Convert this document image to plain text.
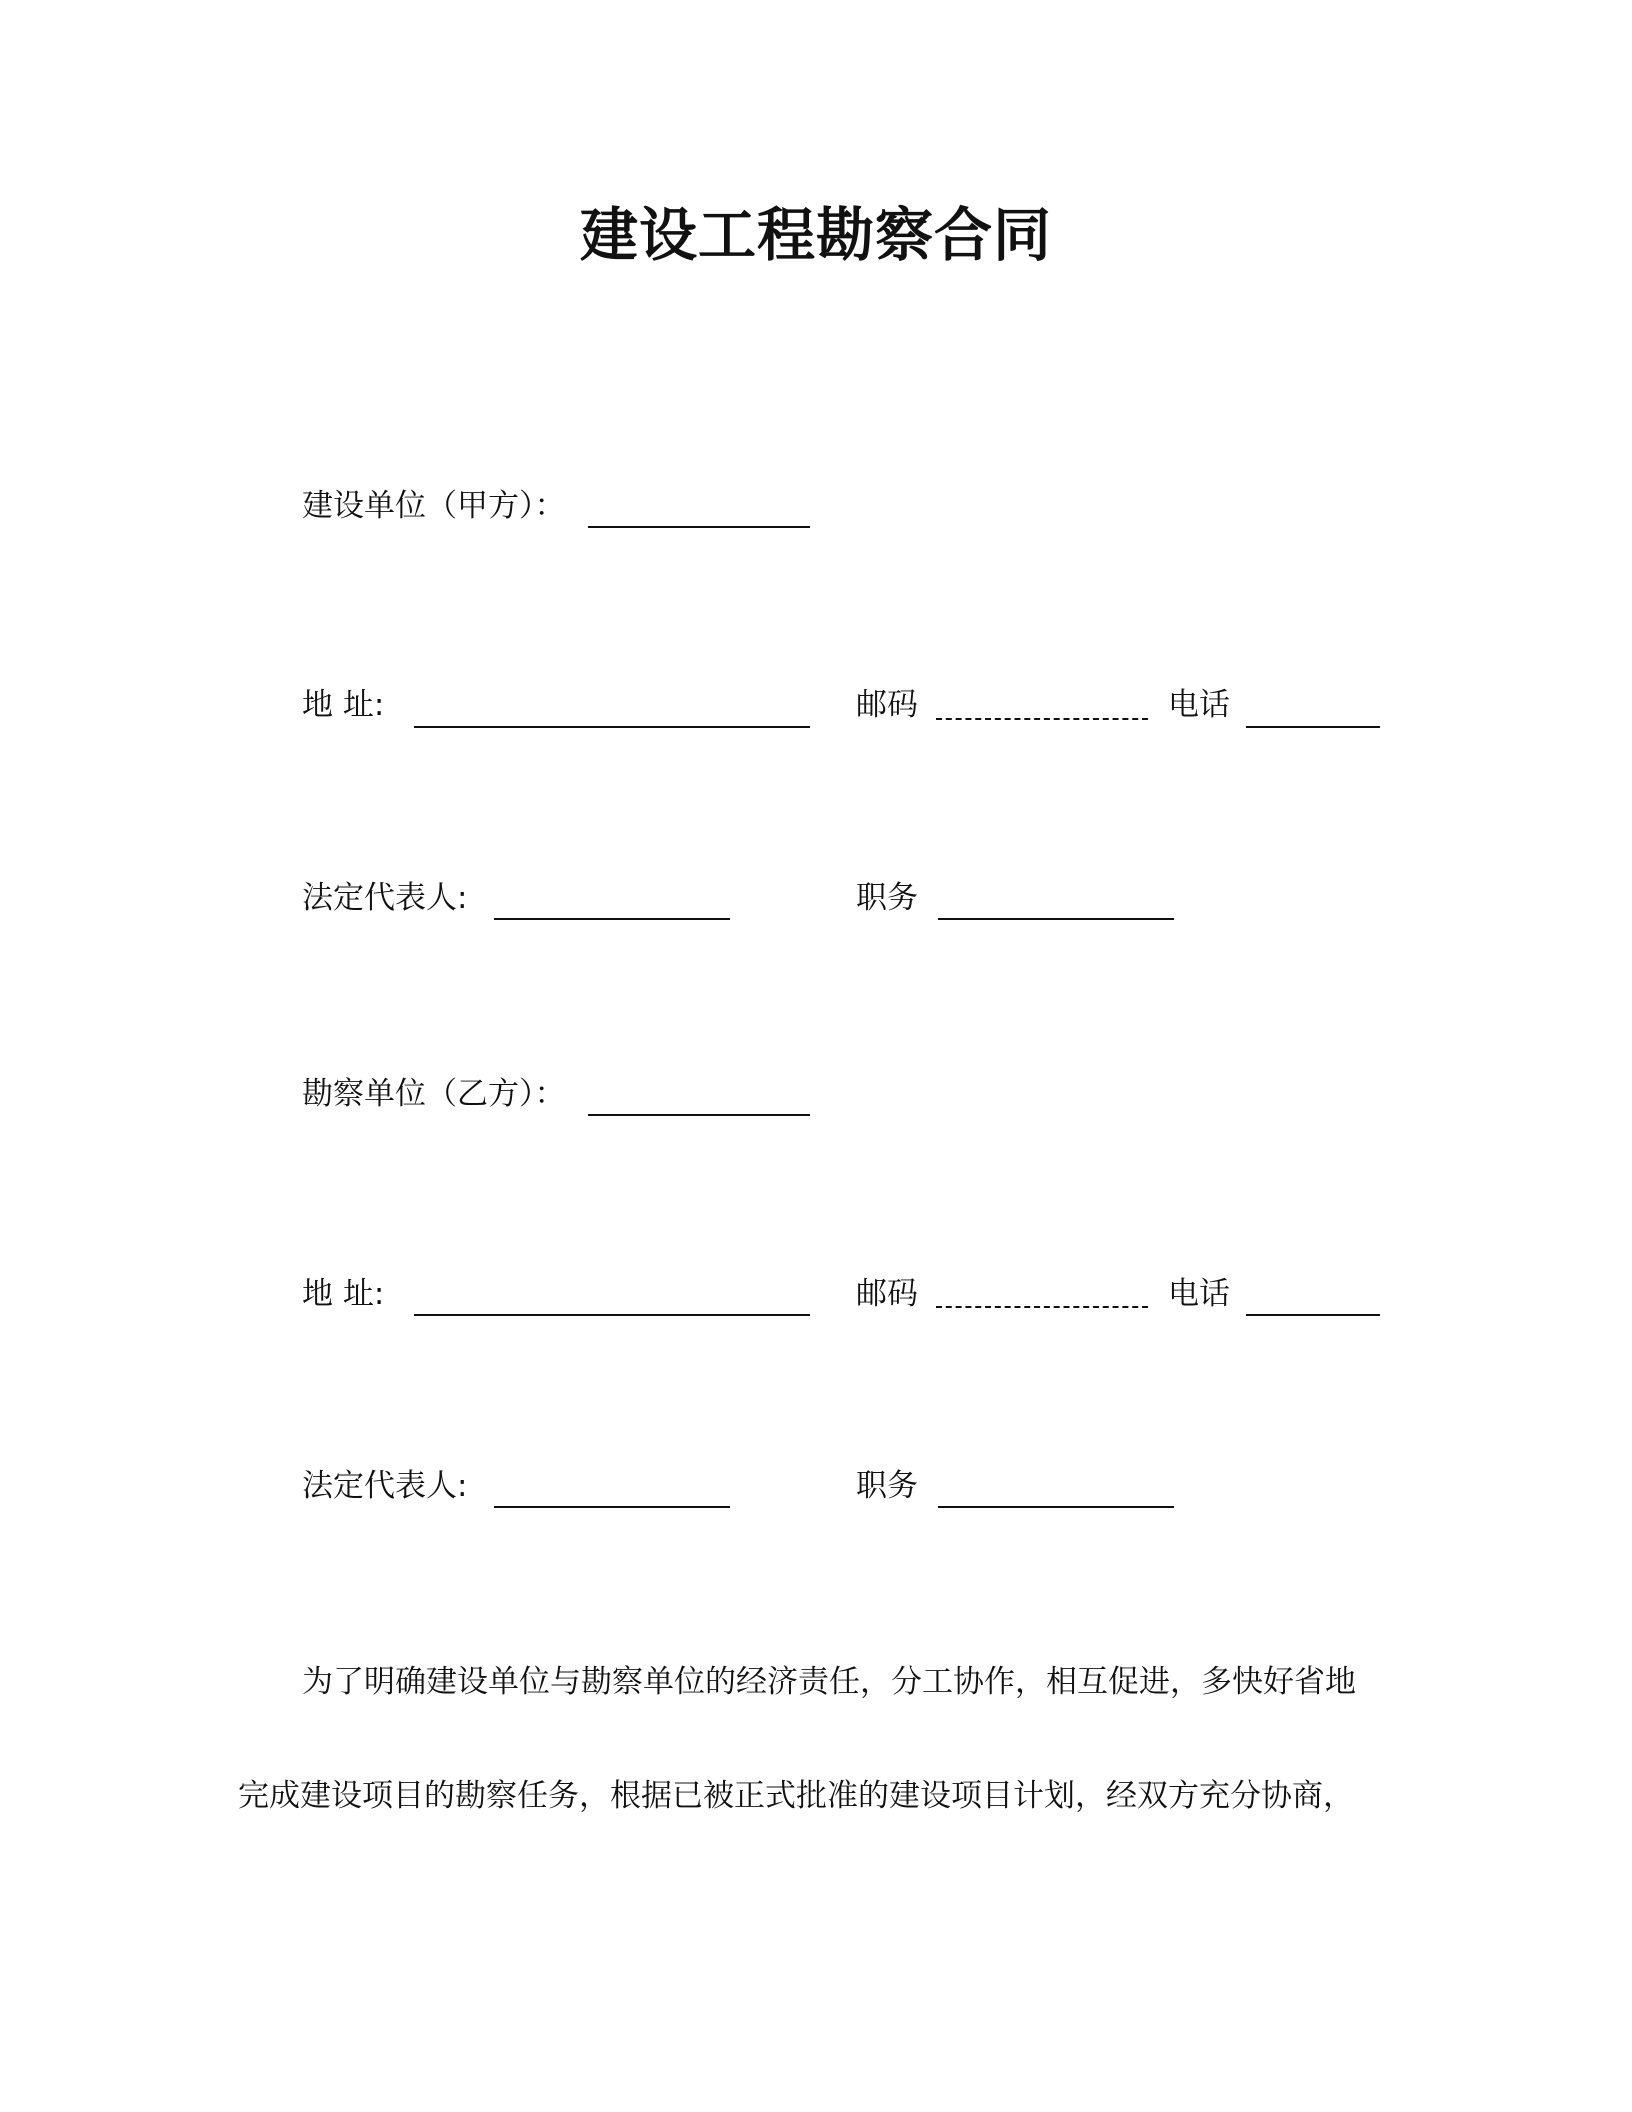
建设工程勘察合同
建设单位（甲方）：
地 址:	邮码	电话
法定代表人:	职务
勘察单位（乙方）：
地 址:	邮码	电话
法定代表人:	职务
为了明确建设单位与勘察单位的经济责任，分工协作，相互促进，多快好省地
完成建设项目的勘察任务，根据已被正式批准的建设项目计划，经双方充分协商，
